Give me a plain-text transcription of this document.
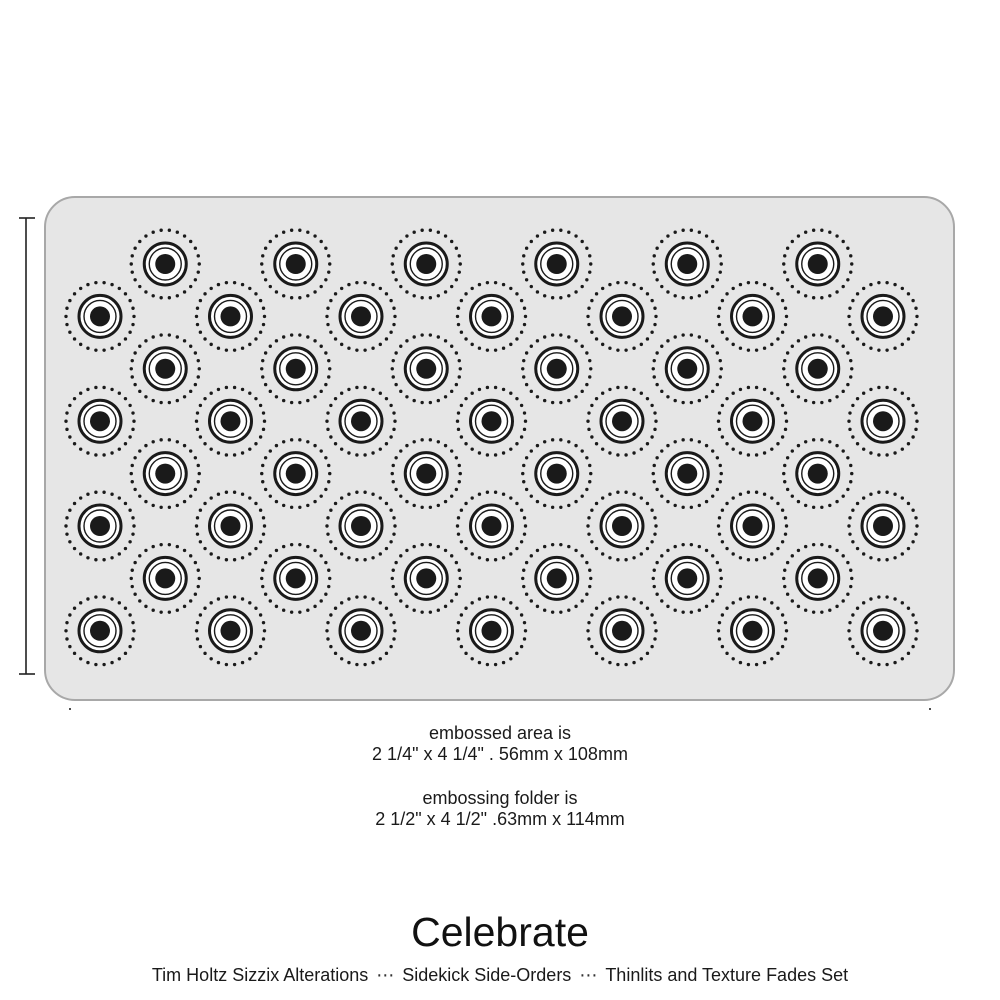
embossed area is
2 1/4" x 4 1/4" . 56mm x 108mm
embossing folder is
2 1/2" x 4 1/2" .63mm x 114mm
Celebrate
Tim Holtz Sizzix Alterations ⋯ Sidekick Side-Orders ⋯ Thinlits and Texture Fades Set
